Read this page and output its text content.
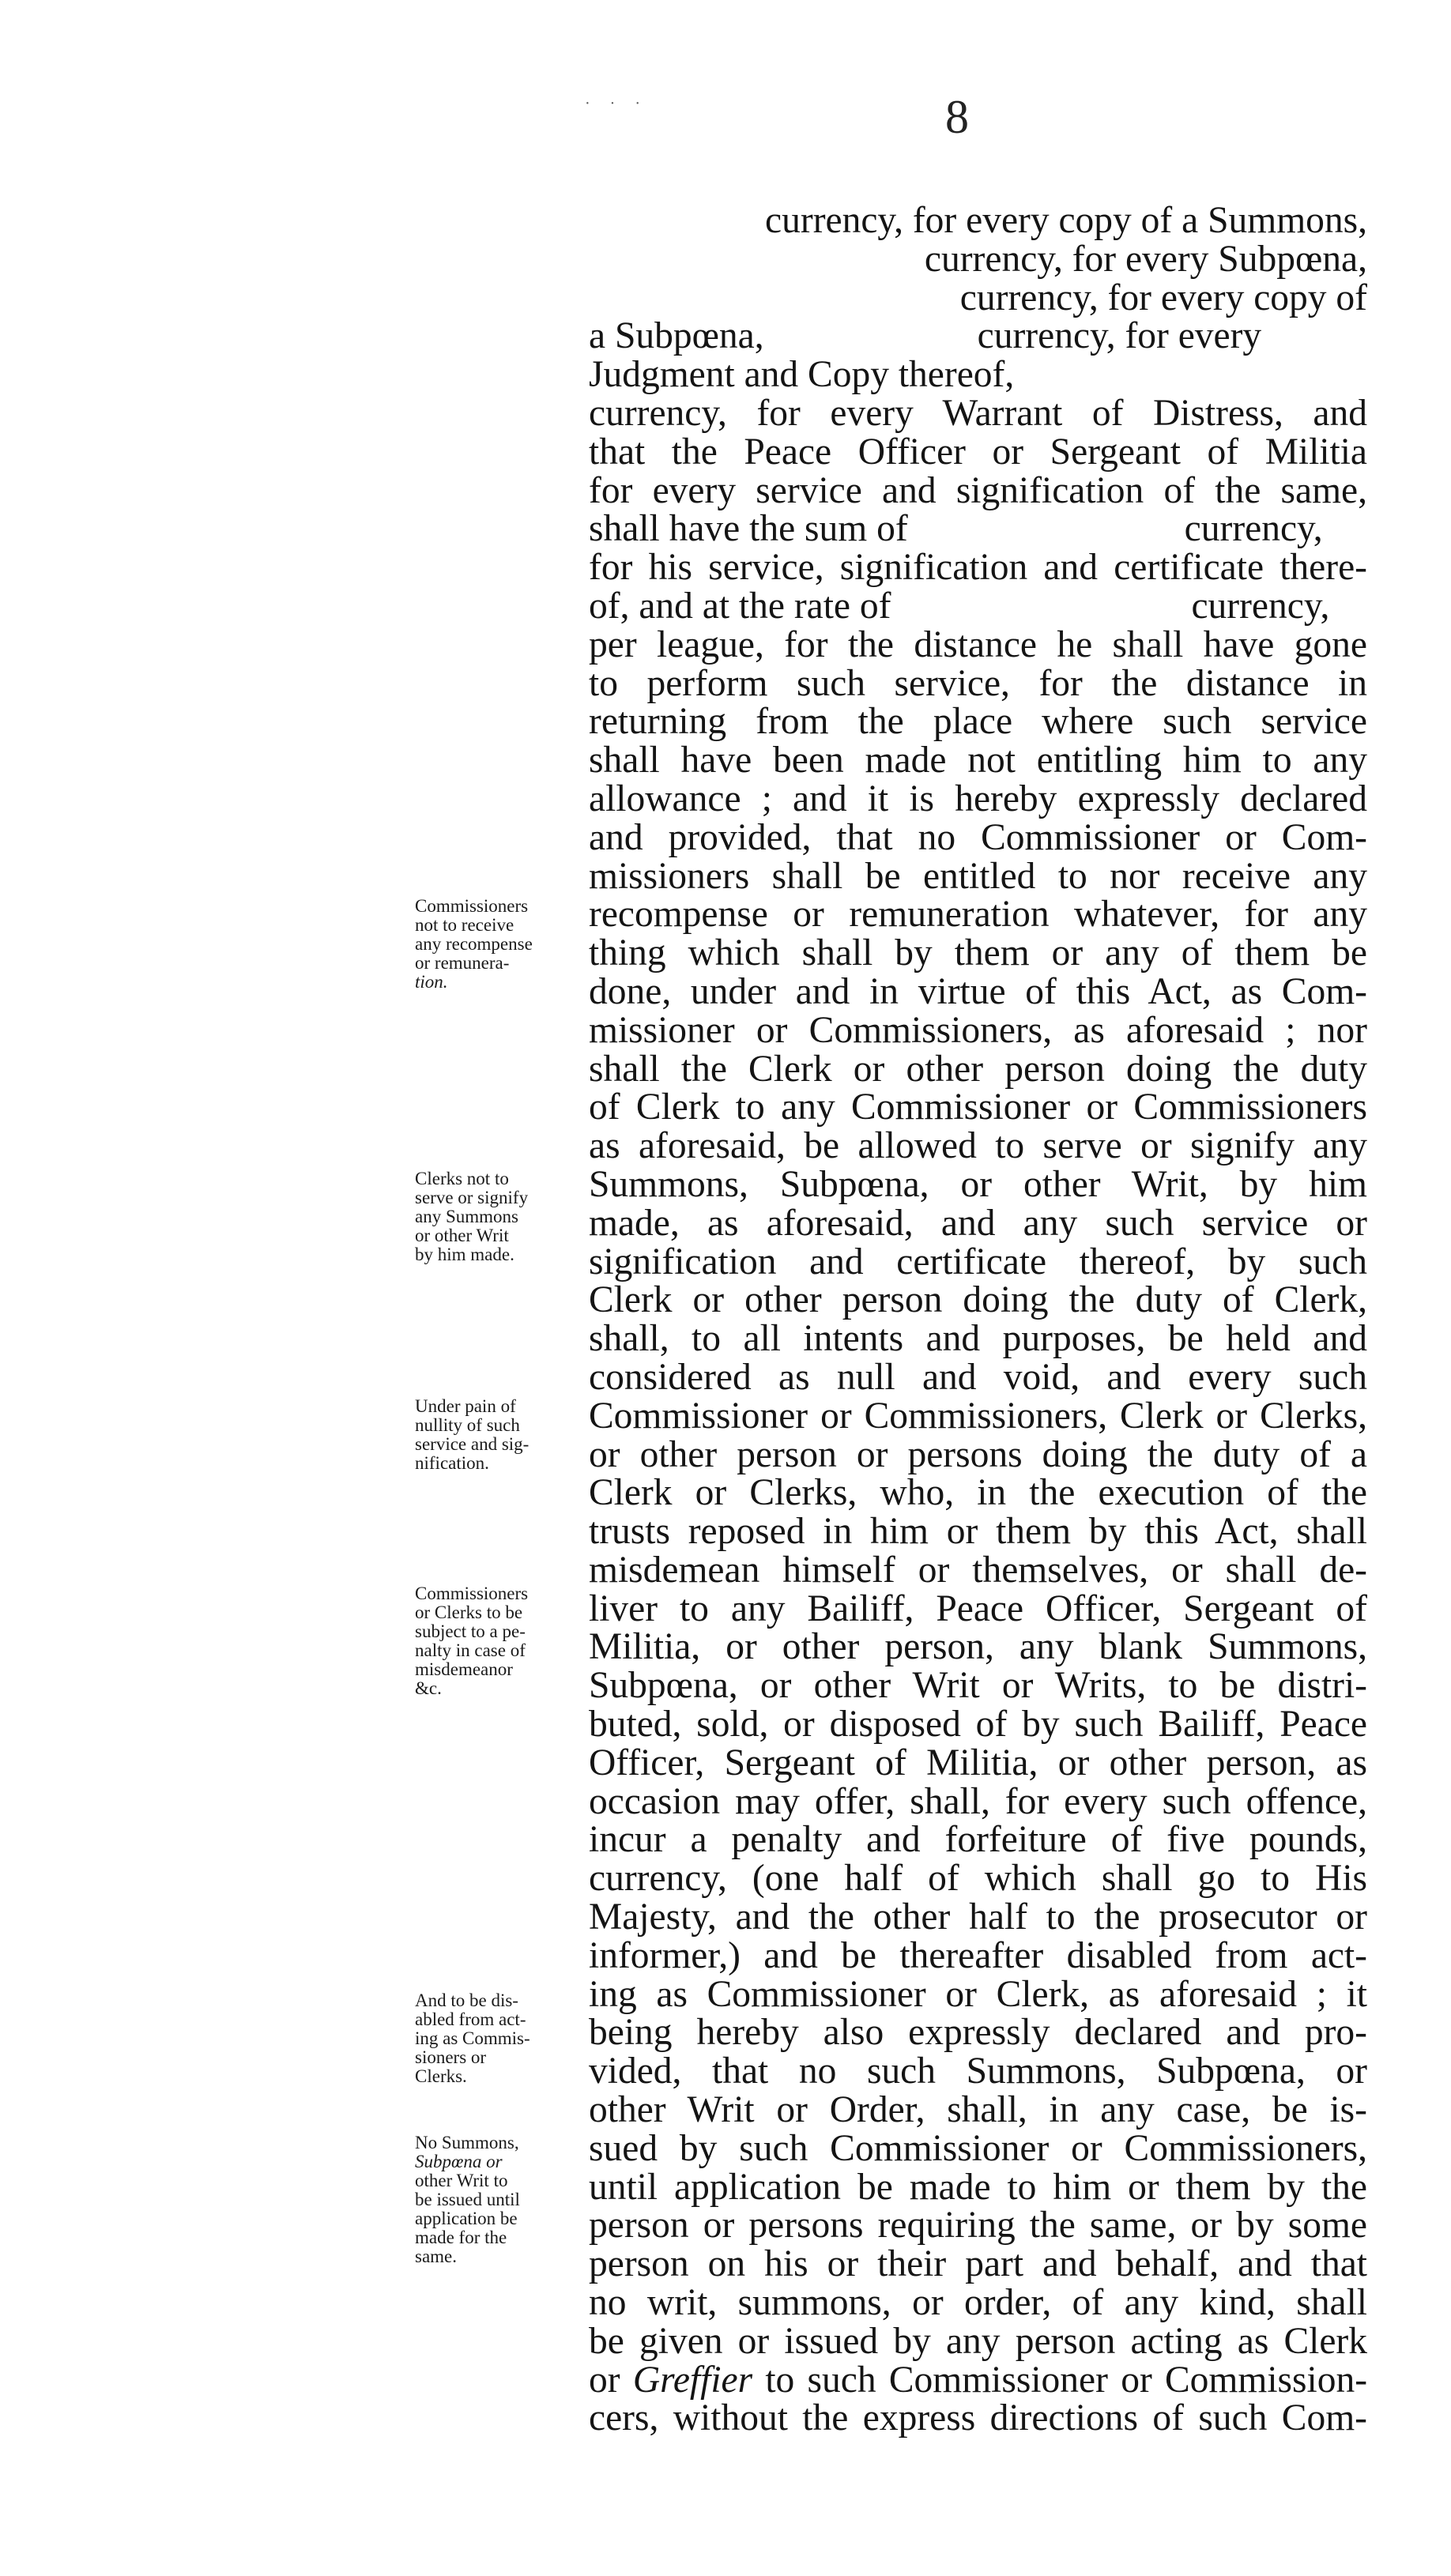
· · ·	8
currency, for every copy of a Summons,
currency, for every Subpœna,
currency, for every copy of
a Subpœna,	currency, for every
Judgment and Copy thereof,
currency, for every Warrant of Distress, and
that the Peace Officer or Sergeant of Militia
for every service and signification of the same,
shall have the sum of	currency,
for his service, signification and certificate there-
of, and at the rate of	currency,
per league, for the distance he shall have gone
to perform such service, for the distance in
returning from the place where such service
shall have been made not entitling him to any
allowance ; and it is hereby expressly declared
and provided, that no Commissioner or Com-
missioners shall be entitled to nor receive any
recompense or remuneration whatever, for any
thing which shall by them or any of them be
done, under and in virtue of this Act, as Com-
missioner or Commissioners, as aforesaid ; nor
shall the Clerk or other person doing the duty
of Clerk to any Commissioner or Commissioners
as aforesaid, be allowed to serve or signify any
Summons, Subpœna, or other Writ, by him
made, as aforesaid, and any such service or
signification and certificate thereof, by such
Clerk or other person doing the duty of Clerk,
shall, to all intents and purposes, be held and
considered as null and void, and every such
Commissioner or Commissioners, Clerk or Clerks,
or other person or persons doing the duty of a
Clerk or Clerks, who, in the execution of the
trusts reposed in him or them by this Act, shall
misdemean himself or themselves, or shall de-
liver to any Bailiff, Peace Officer, Sergeant of
Militia, or other person, any blank Summons,
Subpœna, or other Writ or Writs, to be distri-
buted, sold, or disposed of by such Bailiff, Peace
Officer, Sergeant of Militia, or other person, as
occasion may offer, shall, for every such offence,
incur a penalty and forfeiture of five pounds,
currency, (one half of which shall go to His
Majesty, and the other half to the prosecutor or
informer,) and be thereafter disabled from act-
ing as Commissioner or Clerk, as aforesaid ; it
being hereby also expressly declared and pro-
vided, that no such Summons, Subpœna, or
other Writ or Order, shall, in any case, be is-
sued by such Commissioner or Commissioners,
until application be made to him or them by the
person or persons requiring the same, or by some
person on his or their part and behalf, and that
no writ, summons, or order, of any kind, shall
be given or issued by any person acting as Clerk
or Greffier to such Commissioner or Commission-
cers, without the express directions of such Com-
Commissioners
not to receive
any recompense
or remunera-
tion.
Clerks not to
serve or signify
any Summons
or other Writ
by him made.
Under pain of
nullity of such
service and sig-
nification.
Commissioners
or Clerks to be
subject to a pe-
nalty in case of
misdemeanor
&c.
And to be dis-
abled from act-
ing as Commis-
sioners or
Clerks.
No Summons,
Subpœna or
other Writ to
be issued until
application be
made for the
same.
